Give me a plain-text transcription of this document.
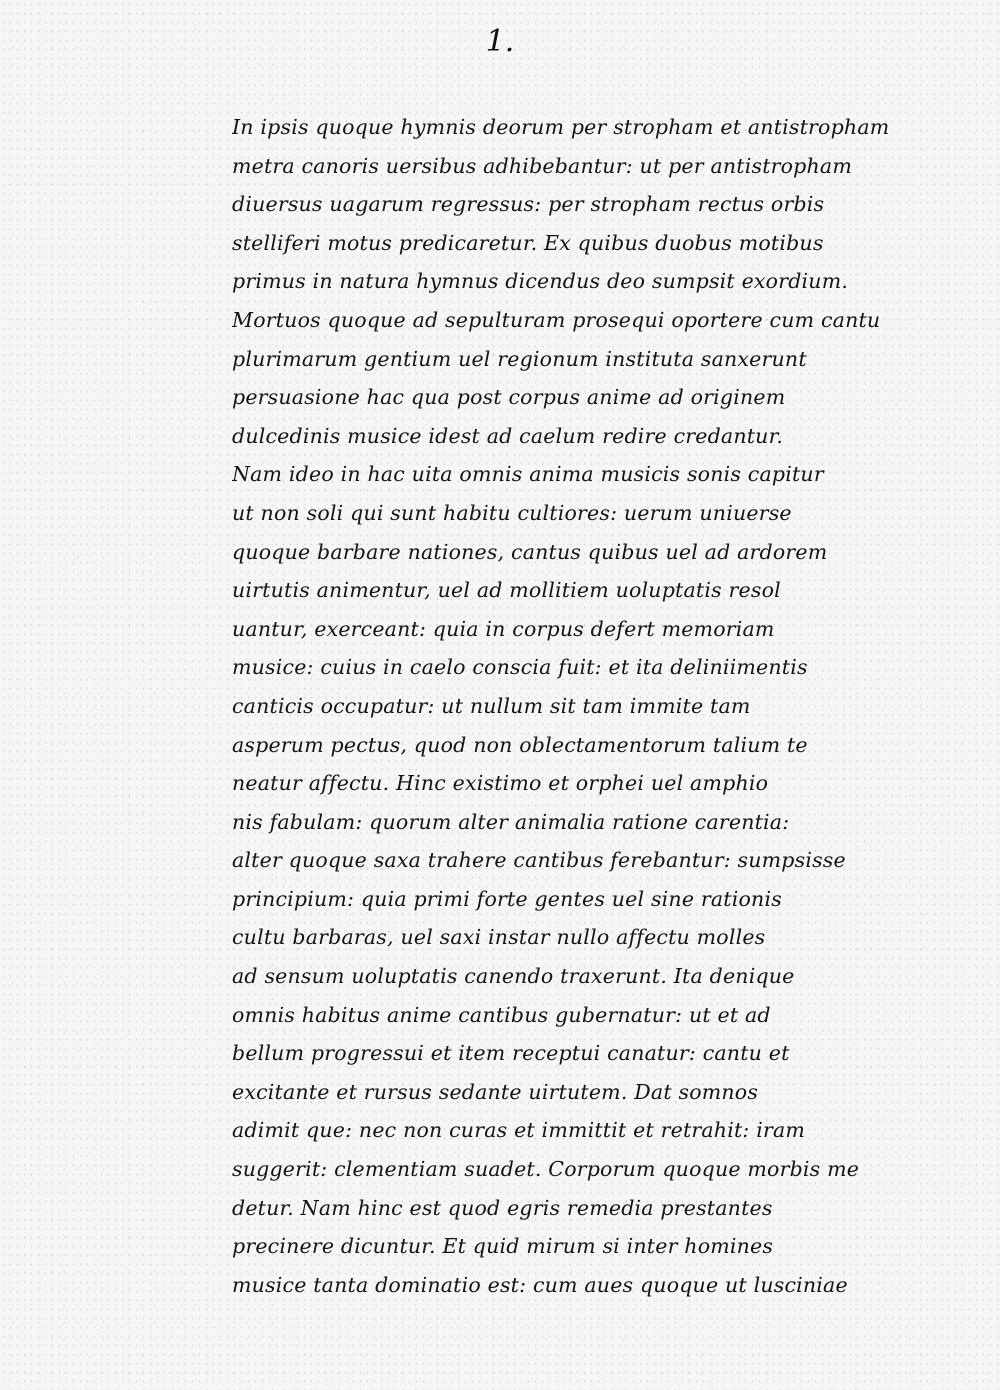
1.
In ipsis quoque hymnis deorum per stropham et antistropham
metra canoris uersibus adhibebantur: ut per antistropham
diuersus uagarum regressus: per stropham rectus orbis
stelliferi motus predicaretur. Ex quibus duobus motibus
primus in natura hymnus dicendus deo sumpsit exordium.
Mortuos quoque ad sepulturam prosequi oportere cum cantu
plurimarum gentium uel regionum instituta sanxerunt
persuasione hac qua post corpus anime ad originem
dulcedinis musice idest ad caelum redire credantur.
Nam ideo in hac uita omnis anima musicis sonis capitur
ut non soli qui sunt habitu cultiores: uerum uniuerse
quoque barbare nationes, cantus quibus uel ad ardorem
uirtutis animentur, uel ad mollitiem uoluptatis resol
uantur, exerceant: quia in corpus defert memoriam
musice: cuius in caelo conscia fuit: et ita deliniimentis
canticis occupatur: ut nullum sit tam immite tam
asperum pectus, quod non oblectamentorum talium te
neatur affectu. Hinc existimo et orphei uel amphio
nis fabulam: quorum alter animalia ratione carentia:
alter quoque saxa trahere cantibus ferebantur: sumpsisse
principium: quia primi forte gentes uel sine rationis
cultu barbaras, uel saxi instar nullo affectu molles
ad sensum uoluptatis canendo traxerunt. Ita denique
omnis habitus anime cantibus gubernatur: ut et ad
bellum progressui et item receptui canatur: cantu et
excitante et rursus sedante uirtutem. Dat somnos
adimit que: nec non curas et immittit et retrahit: iram
suggerit: clementiam suadet. Corporum quoque morbis me
detur. Nam hinc est quod egris remedia prestantes
precinere dicuntur. Et quid mirum si inter homines
musice tanta dominatio est: cum aues quoque ut lusciniae
